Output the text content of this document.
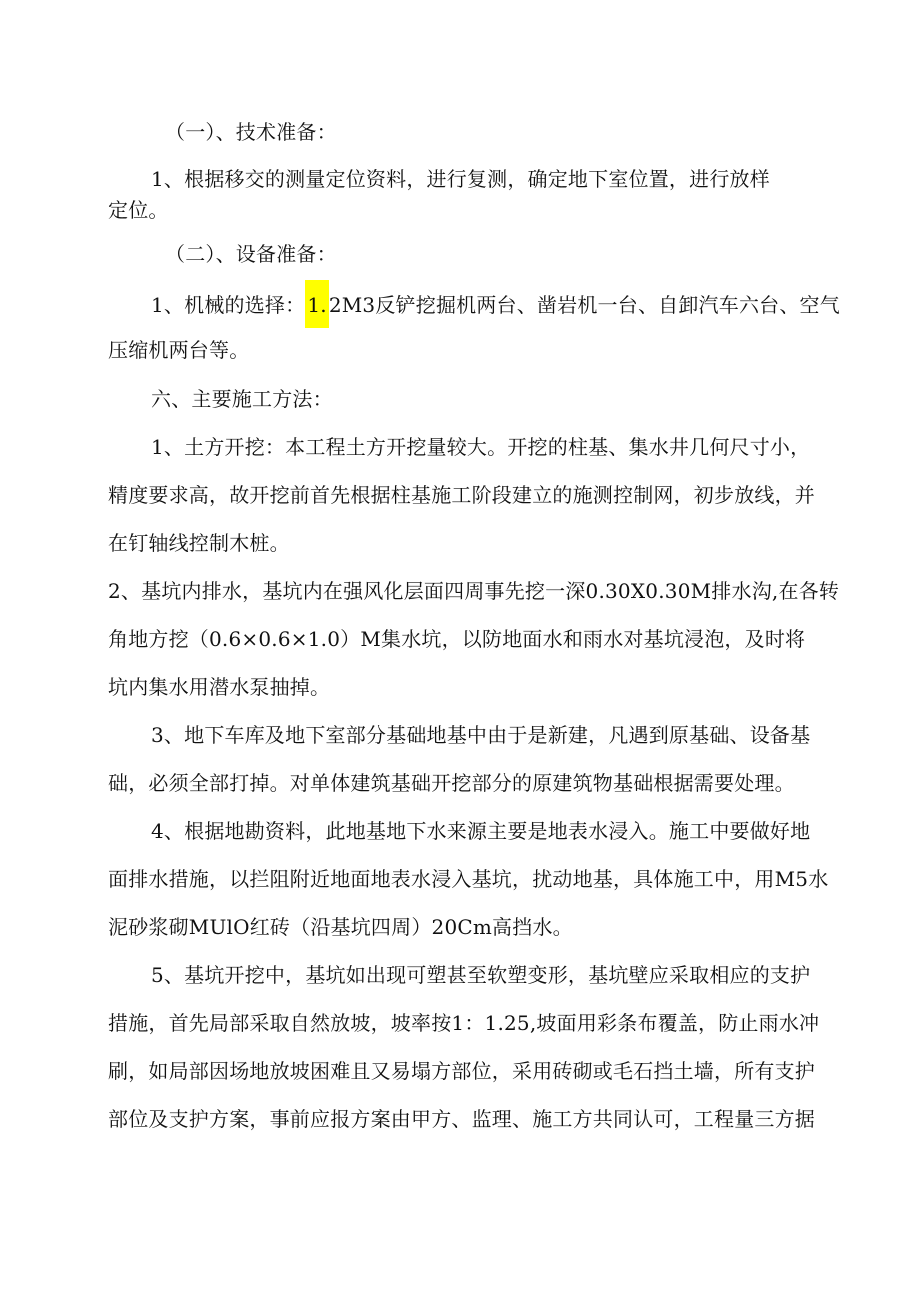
（一）、技术准备：
1、根据移交的测量定位资料，进行复测，确定地下室位置，进行放样
定位。
（二）、设备准备：
1、机械的选择： 1. 2M3反铲挖掘机两台、凿岩机一台、自卸汽车六台、空气
压缩机两台等。
六、主要施工方法：
1、土方开挖：本工程土方开挖量较大。开挖的柱基、集水井几何尺寸小，
精度要求高，故开挖前首先根据柱基施工阶段建立的施测控制网，初步放线，并
在钉轴线控制木桩。
2、基坑内排水，基坑内在强风化层面四周事先挖一深0.30X0.30M排水沟,在各转
角地方挖（0.6×0.6×1.0）M集水坑，以防地面水和雨水对基坑浸泡，及时将
坑内集水用潜水泵抽掉。
3、地下车库及地下室部分基础地基中由于是新建，凡遇到原基础、设备基
础，必须全部打掉。对单体建筑基础开挖部分的原建筑物基础根据需要处理。
4、根据地勘资料，此地基地下水来源主要是地表水浸入。施工中要做好地
面排水措施，以拦阻附近地面地表水浸入基坑，扰动地基，具体施工中，用M5水
泥砂浆砌MUlO红砖（沿基坑四周）20Cm高挡水。
5、基坑开挖中，基坑如出现可塑甚至软塑变形，基坑壁应采取相应的支护
措施，首先局部采取自然放坡，坡率按1：1.25,坡面用彩条布覆盖，防止雨水冲
刷，如局部因场地放坡困难且又易塌方部位，采用砖砌或毛石挡土墙，所有支护
部位及支护方案，事前应报方案由甲方、监理、施工方共同认可，工程量三方据
